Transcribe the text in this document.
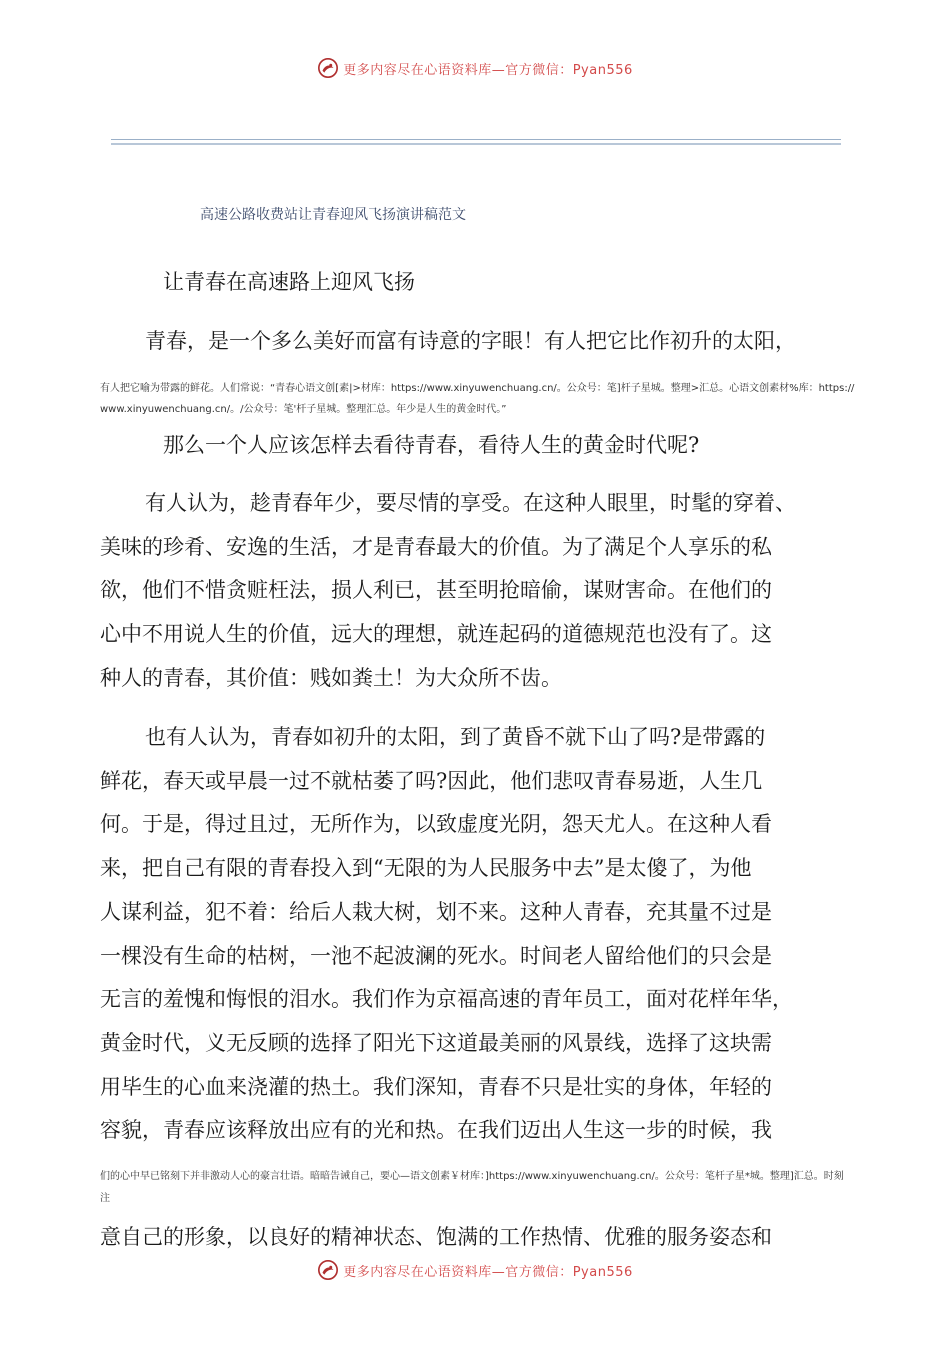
更多内容尽在心语资料库—官方微信：Pyan556
高速公路收费站让青春迎风飞扬演讲稿范文
让青春在高速路上迎风飞扬
青春，是一个多么美好而富有诗意的字眼！有人把它比作初升的太阳，
有人把它喻为带露的鲜花。人们常说：“青春心语文创[素|>材库：https://www.xinyuwenchuang.cn/。公众号：笔]杆子星城。整理>汇总。心语文创素材%库：https://
www.xinyuwenchuang.cn/。/公众号：笔'杆子星城。整理汇总。年少是人生的黄金时代。”
那么一个人应该怎样去看待青春，看待人生的黄金时代呢?
有人认为，趁青春年少，要尽情的享受。在这种人眼里，时髦的穿着、
美味的珍肴、安逸的生活，才是青春最大的价值。为了满足个人享乐的私
欲，他们不惜贪赃枉法，损人利已，甚至明抢暗偷，谋财害命。在他们的
心中不用说人生的价值，远大的理想，就连起码的道德规范也没有了。这
种人的青春，其价值：贱如粪土！为大众所不齿。
也有人认为，青春如初升的太阳，到了黄昏不就下山了吗?是带露的
鲜花，春天或早晨一过不就枯萎了吗?因此，他们悲叹青春易逝，人生几
何。于是，得过且过，无所作为，以致虚度光阴，怨天尤人。在这种人看
来，把自己有限的青春投入到“无限的为人民服务中去”是太傻了，为他
人谋利益，犯不着：给后人栽大树，划不来。这种人青春，充其量不过是
一棵没有生命的枯树，一池不起波澜的死水。时间老人留给他们的只会是
无言的羞愧和悔恨的泪水。我们作为京福高速的青年员工，面对花样年华，
黄金时代，义无反顾的选择了阳光下这道最美丽的风景线，选择了这块需
用毕生的心血来浇灌的热土。我们深知，青春不只是壮实的身体，年轻的
容貌，青春应该释放出应有的光和热。在我们迈出人生这一步的时候，我
们的心中早已铭刻下并非激动人心的豪言壮语。暗暗告诫自己，要心—语文创素￥材库：]https://www.xinyuwenchuang.cn/。公众号：笔杆子星*城。整理]汇总。时刻
注
意自己的形象，以良好的精神状态、饱满的工作热情、优雅的服务姿态和
更多内容尽在心语资料库—官方微信：Pyan556
